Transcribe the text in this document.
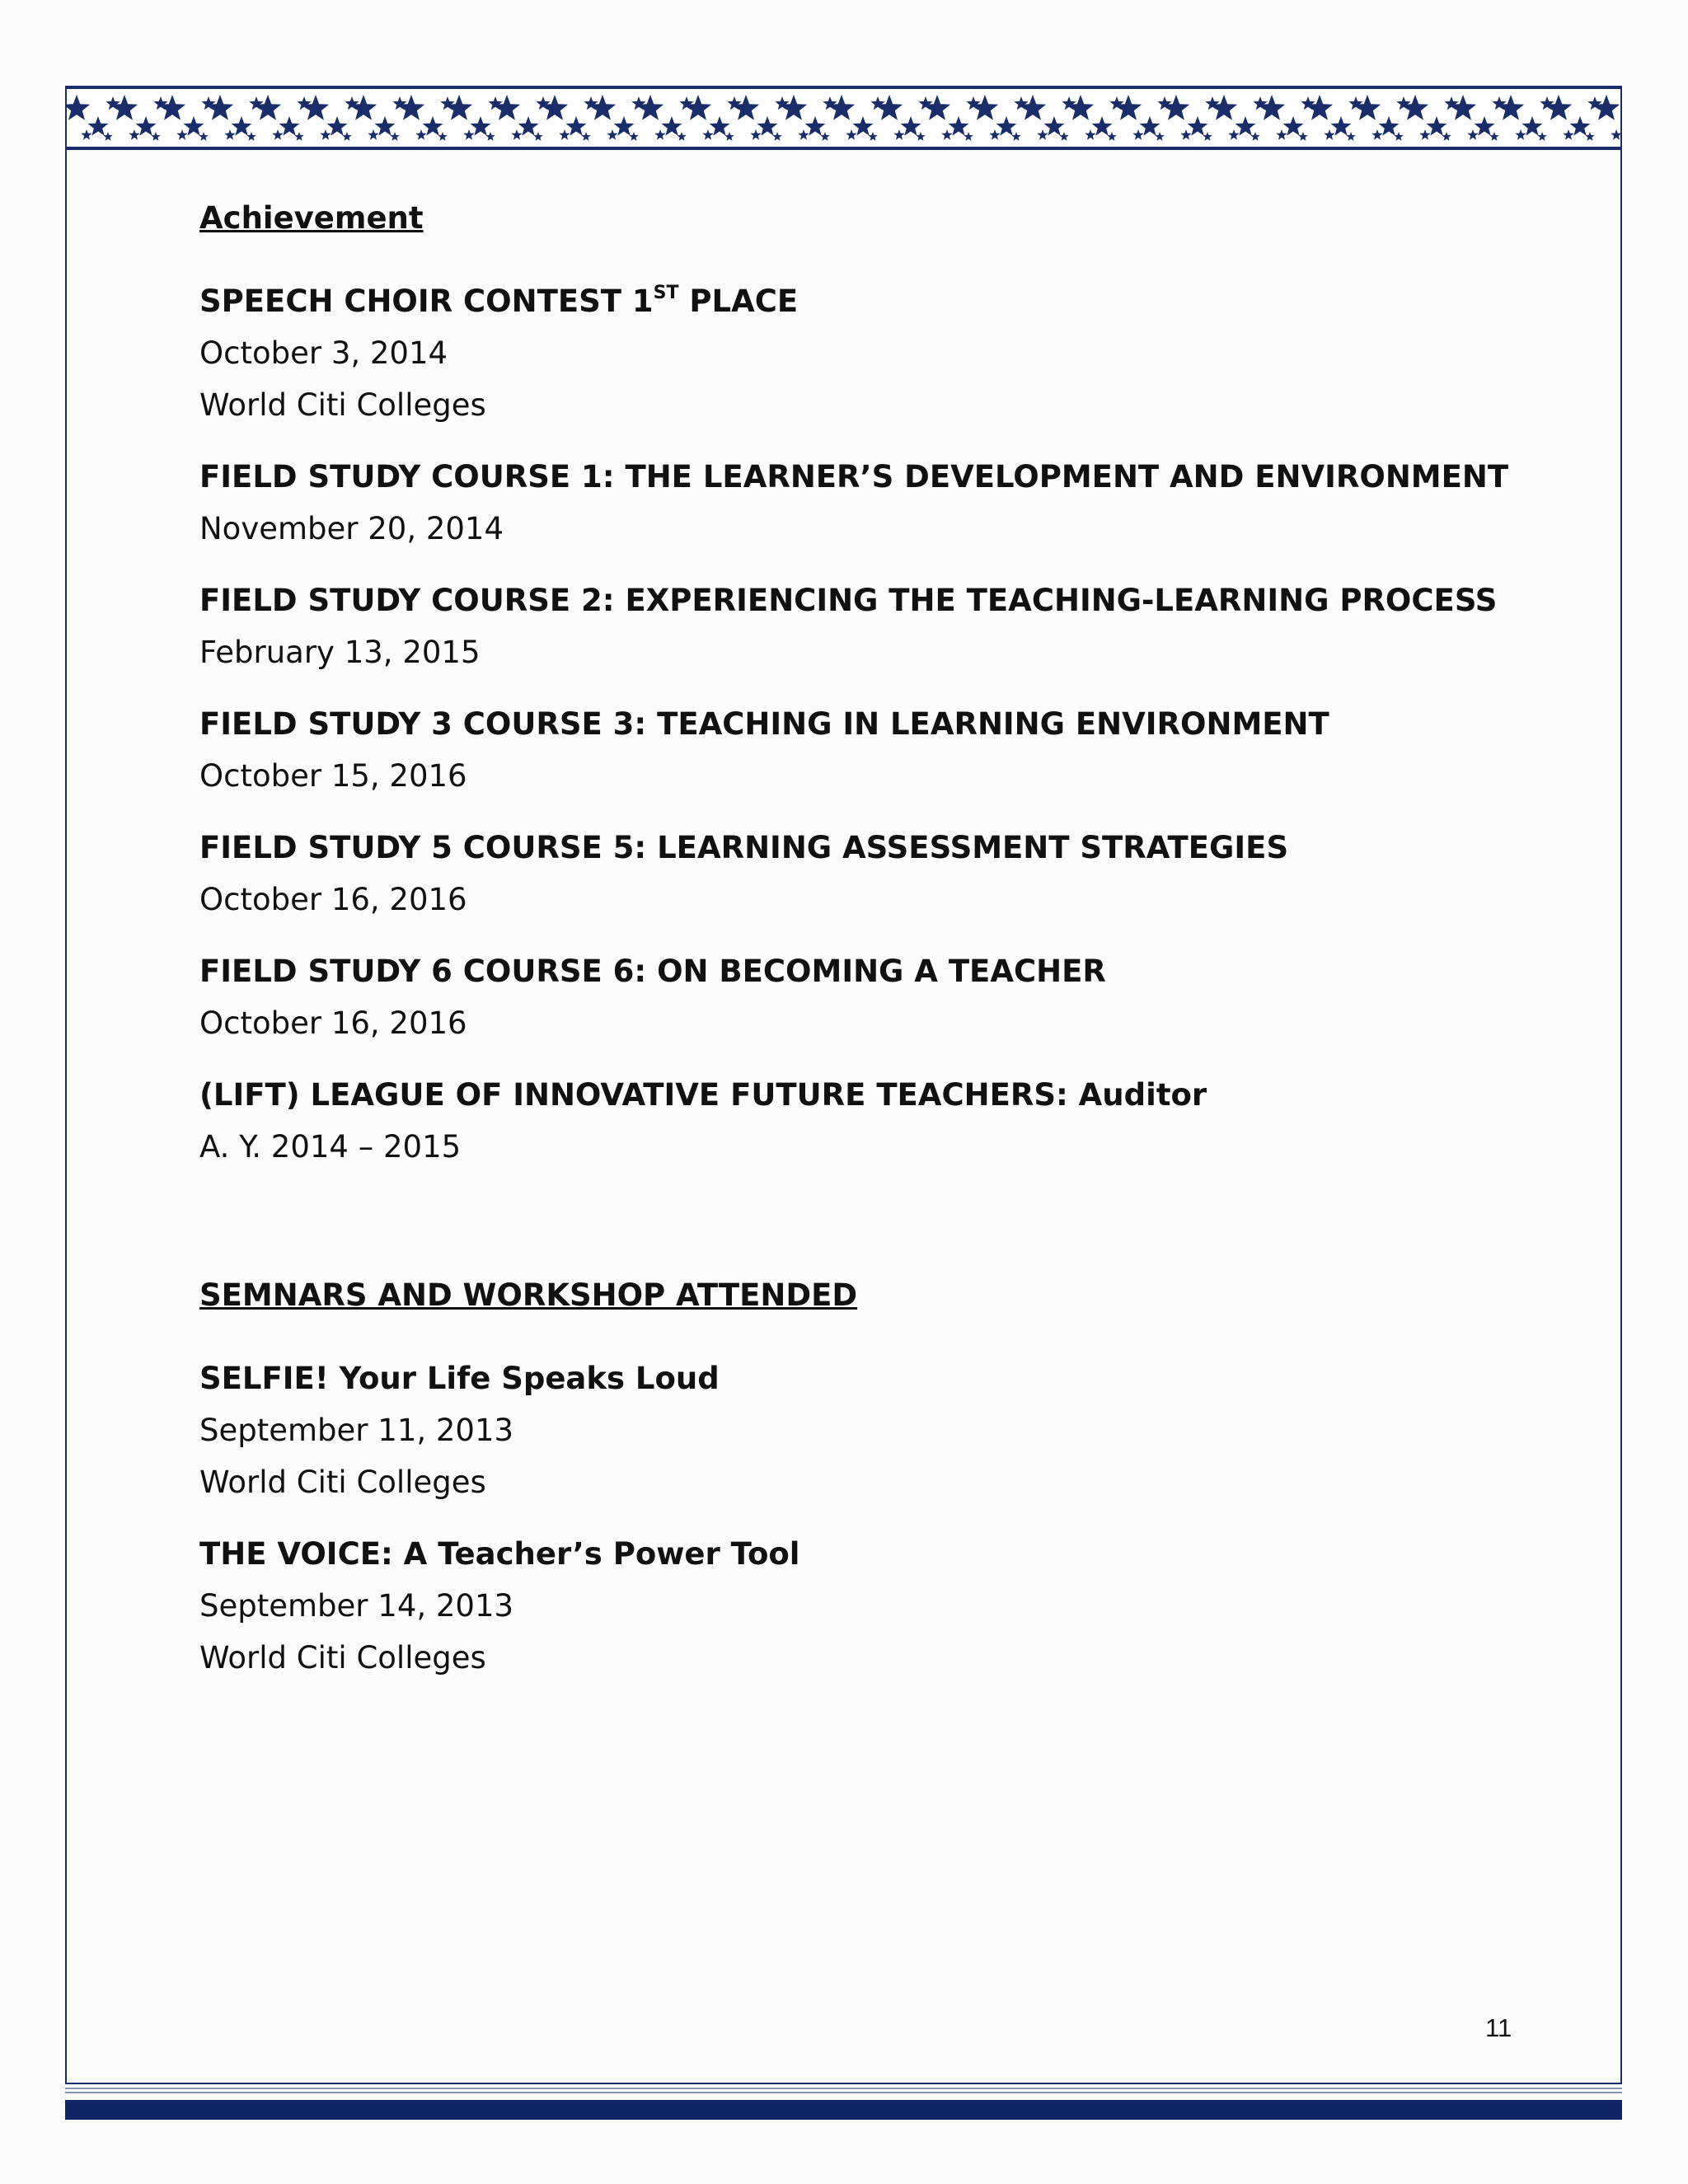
Achievement

SPEECH CHOIR CONTEST 1ST PLACE

October 3, 2014

World Citi Colleges

FIELD STUDY COURSE 1: THE LEARNER’S DEVELOPMENT AND ENVIRONMENT

November 20, 2014

FIELD STUDY COURSE 2: EXPERIENCING THE TEACHING-LEARNING PROCESS

February 13, 2015

FIELD STUDY 3 COURSE 3: TEACHING IN LEARNING ENVIRONMENT

October 15, 2016

FIELD STUDY 5 COURSE 5: LEARNING ASSESSMENT STRATEGIES

October 16, 2016

FIELD STUDY 6 COURSE 6: ON BECOMING A TEACHER

October 16, 2016

(LIFT) LEAGUE OF INNOVATIVE FUTURE TEACHERS: Auditor

A. Y. 2014 – 2015

SEMNARS AND WORKSHOP ATTENDED

SELFIE! Your Life Speaks Loud

September 11, 2013

World Citi Colleges

THE VOICE: A Teacher’s Power Tool

September 14, 2013

World Citi Colleges

11
